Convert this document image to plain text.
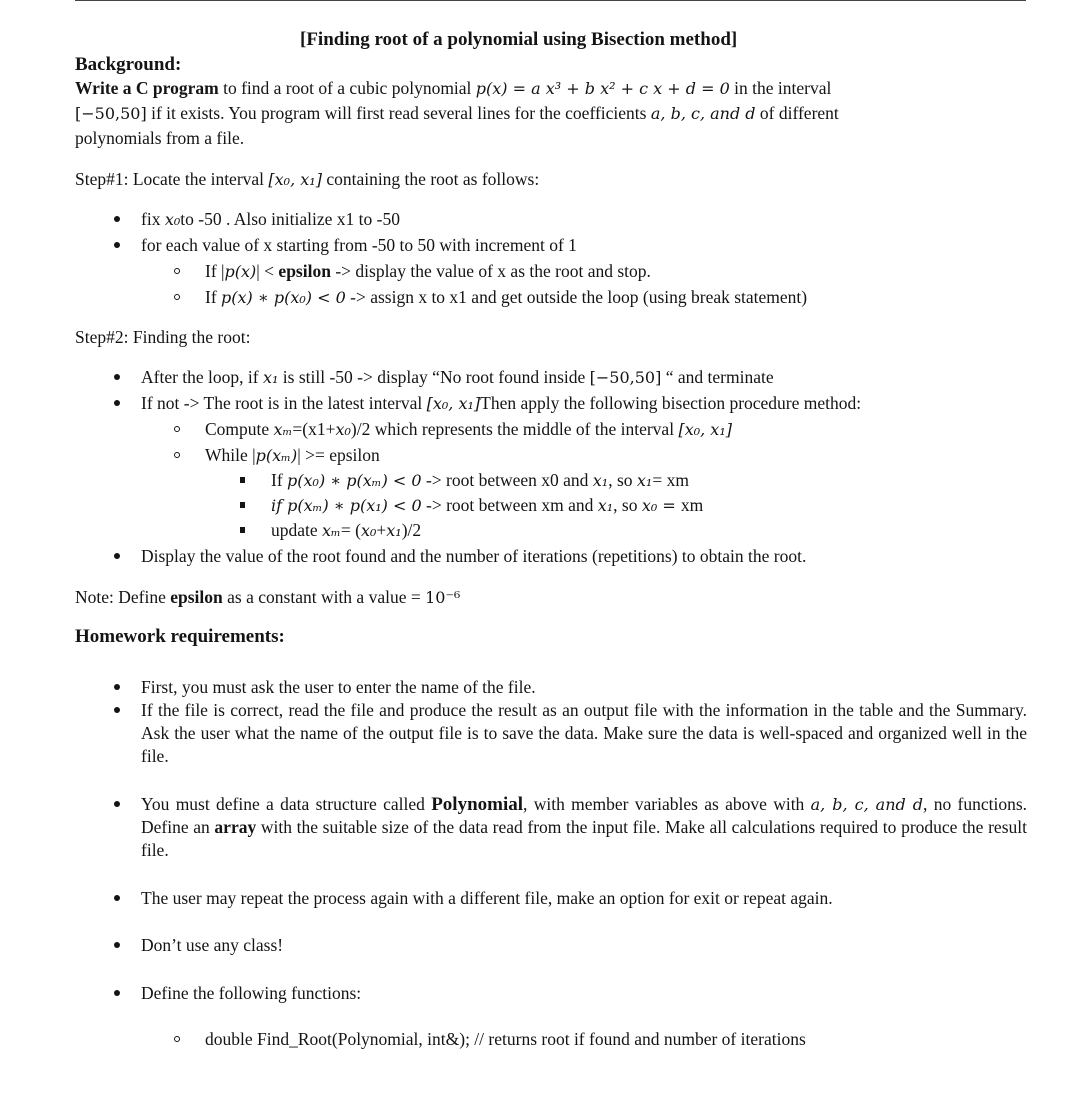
[Finding root of a polynomial using Bisection method]
Background:
Write a C program to find a root of a cubic polynomial p(x) = a x³ + b x² + c x + d = 0 in the interval
[−50,50] if it exists. You program will first read several lines for the coefficients a, b, c, and d of different
polynomials from a file.
Step#1: Locate the interval [x₀, x₁] containing the root as follows:
fix x₀to -50 . Also initialize x1 to -50
for each value of x starting from -50 to 50 with increment of 1
If |p(x)| < epsilon -> display the value of x as the root and stop.
If p(x) ∗ p(x₀) < 0 -> assign x to x1 and get outside the loop (using break statement)
Step#2: Finding the root:
After the loop, if x₁ is still -50 -> display “No root found inside [−50,50] “ and terminate
If not -> The root is in the latest interval [x₀, x₁]Then apply the following bisection procedure method:
Compute xₘ=(x1+x₀)/2 which represents the middle of the interval [x₀, x₁]
While |p(xₘ)| >= epsilon
If p(x₀) ∗ p(xₘ) < 0 -> root between x0 and x₁, so x₁= xm
if p(xₘ) ∗ p(x₁) < 0 -> root between xm and x₁, so x₀ = xm
update xₘ= (x₀+x₁)/2
Display the value of the root found and the number of iterations (repetitions) to obtain the root.
Note: Define epsilon as a constant with a value = 10⁻⁶
Homework requirements:
First, you must ask the user to enter the name of the file.
If the file is correct, read the file and produce the result as an output file with the information in the table and the Summary. Ask the user what the name of the output file is to save the data. Make sure the data is well-spaced and organized well in the file.
You must define a data structure called Polynomial, with member variables as above with a, b, c, and d, no functions. Define an array with the suitable size of the data read from the input file. Make all calculations required to produce the result file.
The user may repeat the process again with a different file, make an option for exit or repeat again.
Don’t use any class!
Define the following functions:
double Find_Root(Polynomial, int&); // returns root if found and number of iterations
